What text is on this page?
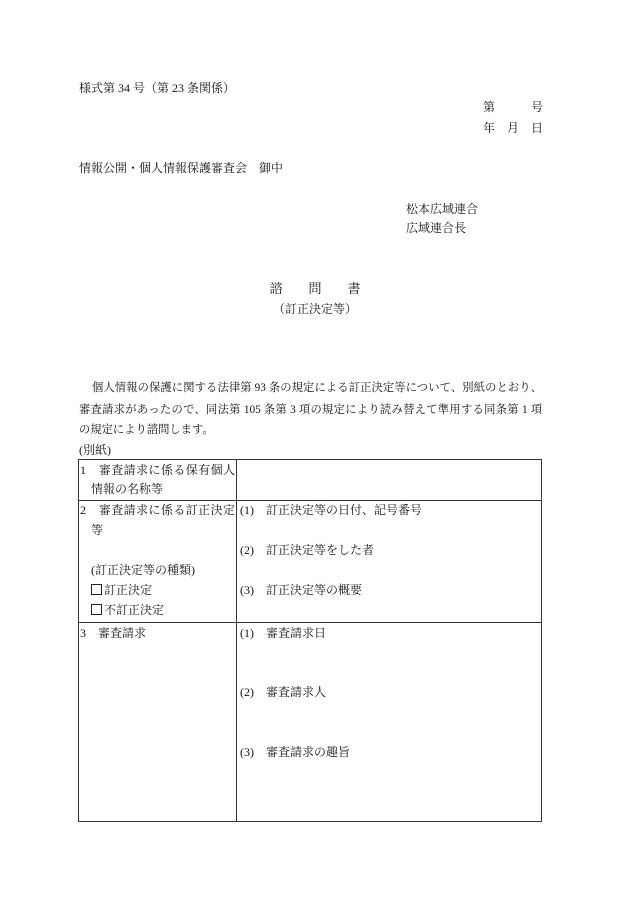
様式第 34 号（第 23 条関係）
第　　　号
年　月　日
情報公開・個人情報保護審査会　御中
松本広域連合
広域連合長
諮　　問　　書
（訂正決定等）
個人情報の保護に関する法律第 93 条の規定による訂正決定等について、別紙のとおり、
審査請求があったので、同法第 105 条第 3 項の規定により読み替えて準用する同条第 1 項
の規定により諮問します。
(別紙)
1　審査請求に係る保有個人
情報の名称等
2　審査請求に係る訂正決定
等
(訂正決定等の種類)
訂正決定
不訂正決定
(1)　訂正決定等の日付、記号番号
(2)　訂正決定等をした者
(3)　訂正決定等の概要
3　審査請求	(1)　審査請求日
(2)　審査請求人
(3)　審査請求の趣旨
